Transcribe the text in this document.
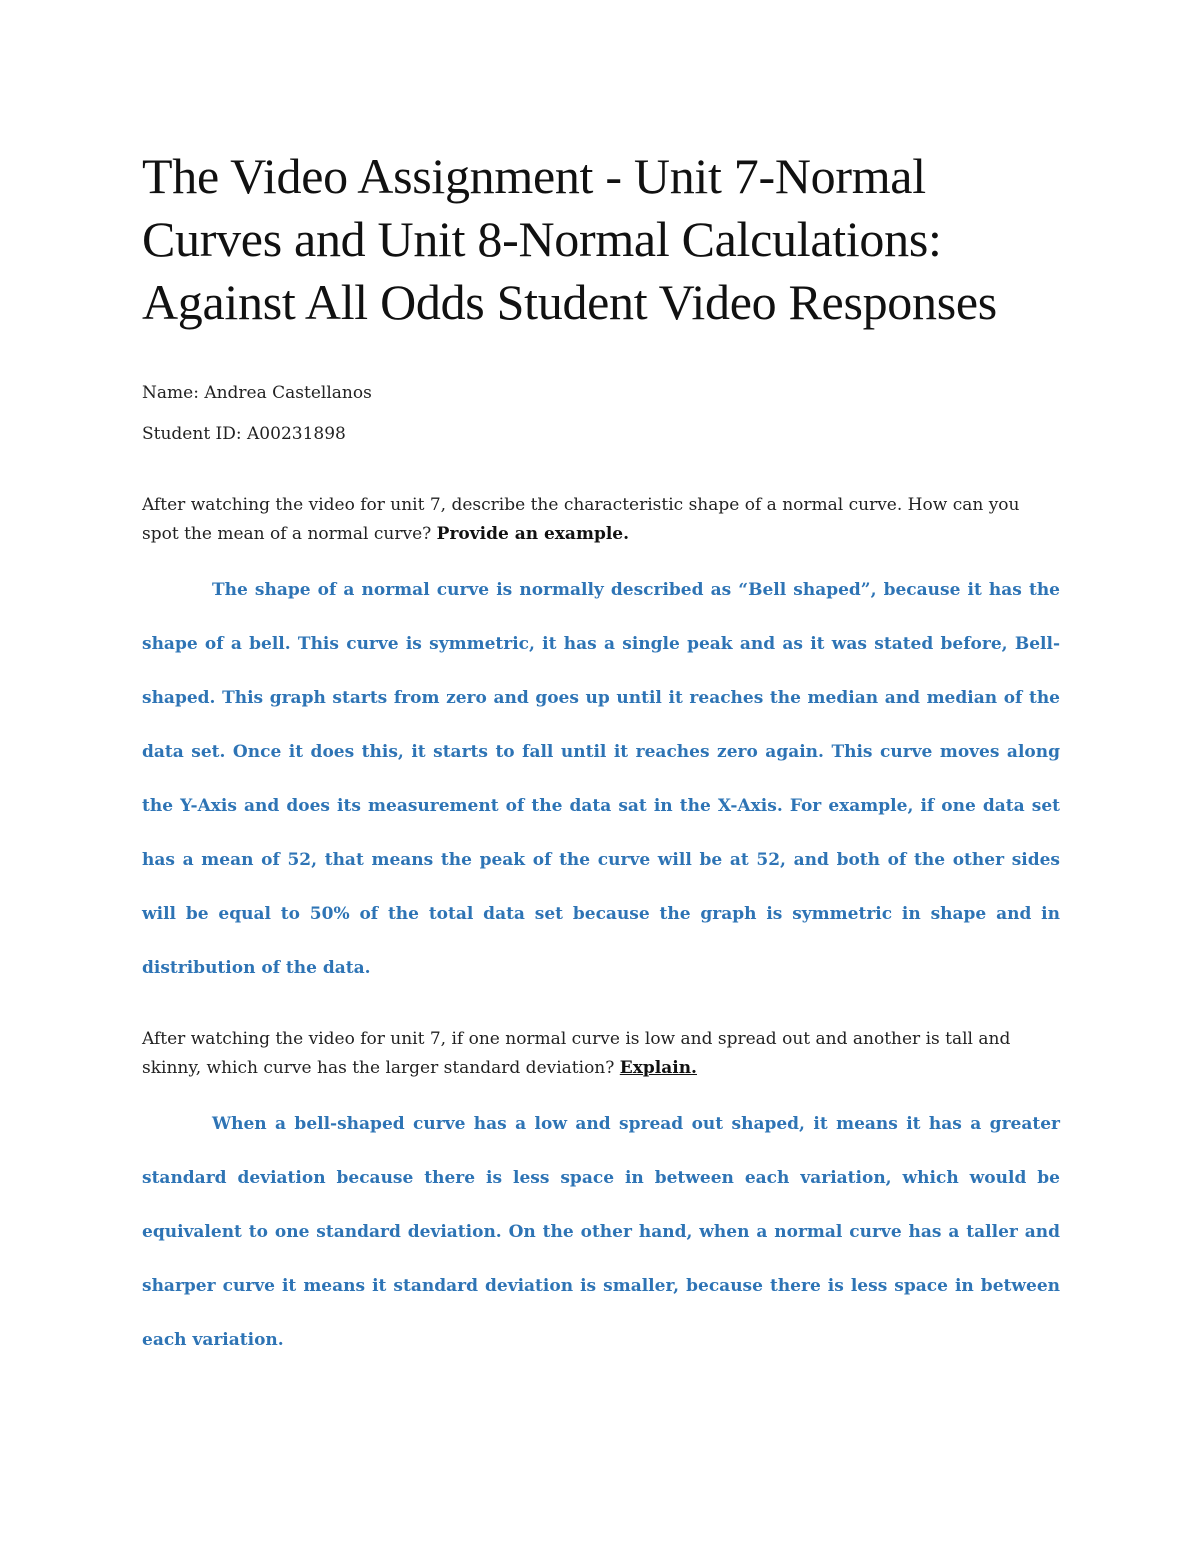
The Video Assignment - Unit 7-Normal Curves and Unit 8-Normal Calculations: Against All Odds Student Video Responses

Name: Andrea Castellanos

Student ID: A00231898

After watching the video for unit 7, describe the characteristic shape of a normal curve. How can you spot the mean of a normal curve? Provide an example.

The shape of a normal curve is normally described as “Bell shaped”, because it has the shape of a bell. This curve is symmetric, it has a single peak and as it was stated before, Bell-shaped. This graph starts from zero and goes up until it reaches the median and median of the data set. Once it does this, it starts to fall until it reaches zero again. This curve moves along the Y-Axis and does its measurement of the data sat in the X-Axis. For example, if one data set has a mean of 52, that means the peak of the curve will be at 52, and both of the other sides will be equal to 50% of the total data set because the graph is symmetric in shape and in distribution of the data.

After watching the video for unit 7, if one normal curve is low and spread out and another is tall and skinny, which curve has the larger standard deviation? Explain.

When a bell-shaped curve has a low and spread out shaped, it means it has a greater standard deviation because there is less space in between each variation, which would be equivalent to one standard deviation. On the other hand, when a normal curve has a taller and sharper curve it means it standard deviation is smaller, because there is less space in between each variation.
